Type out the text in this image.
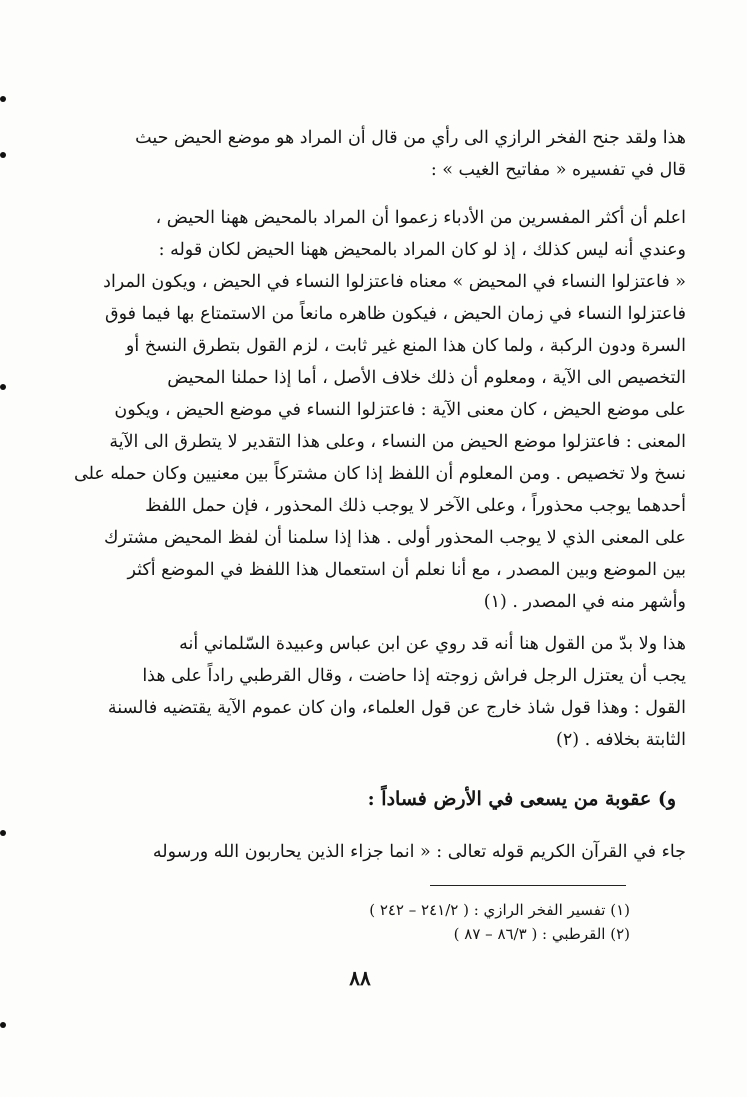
هذا ولقد جنح الفخر الرازي الى رأي من قال أن المراد هو موضع الحيض حيث
قال في تفسيره « مفاتيح الغيب » :
اعلم أن أكثر المفسرين من الأدباء زعموا أن المراد بالمحيض ههنا الحيض ،
وعندي أنه ليس كذلك ، إذ لو كان المراد بالمحيض ههنا الحيض لكان قوله :
« فاعتزلوا النساء في المحيض » معناه فاعتزلوا النساء في الحيض ، ويكون المراد
فاعتزلوا النساء في زمان الحيض ، فيكون ظاهره مانعاً من الاستمتاع بها فيما فوق
السرة ودون الركبة ، ولما كان هذا المنع غير ثابت ، لزم القول بتطرق النسخ أو
التخصيص الى الآية ، ومعلوم أن ذلك خلاف الأصل ، أما إذا حملنا المحيض
على موضع الحيض ، كان معنى الآية : فاعتزلوا النساء في موضع الحيض ، ويكون
المعنى : فاعتزلوا موضع الحيض من النساء ، وعلى هذا التقدير لا يتطرق الى الآية
نسخ ولا تخصيص . ومن المعلوم أن اللفظ إذا كان مشتركاً بين معنيين وكان حمله على
أحدهما يوجب محذوراً ، وعلى الآخر لا يوجب ذلك المحذور ، فإن حمل اللفظ
على المعنى الذي لا يوجب المحذور أولى . هذا إذا سلمنا أن لفظ المحيض مشترك
بين الموضع وبين المصدر ، مع أنا نعلم أن استعمال هذا اللفظ في الموضع أكثر
وأشهر منه في المصدر . (١)
هذا ولا بدّ من القول هنا أنه قد روي عن ابن عباس وعبيدة السّلماني أنه
يجب أن يعتزل الرجل فراش زوجته إذا حاضت ، وقال القرطبي راداً على هذا
القول : وهذا قول شاذ خارج عن قول العلماء، وان كان عموم الآية يقتضيه فالسنة
الثابتة بخلافه . (٢)
و) عقوبة من يسعى في الأرض فساداً :
جاء في القرآن الكريم قوله تعالى : « انما جزاء الذين يحاربون الله ورسوله
(١) تفسير الفخر الرازي : ( ٢٤١/٢ – ٢٤٢ )
(٢) القرطبي : ( ٨٦/٣ – ٨٧ )
٨٨
